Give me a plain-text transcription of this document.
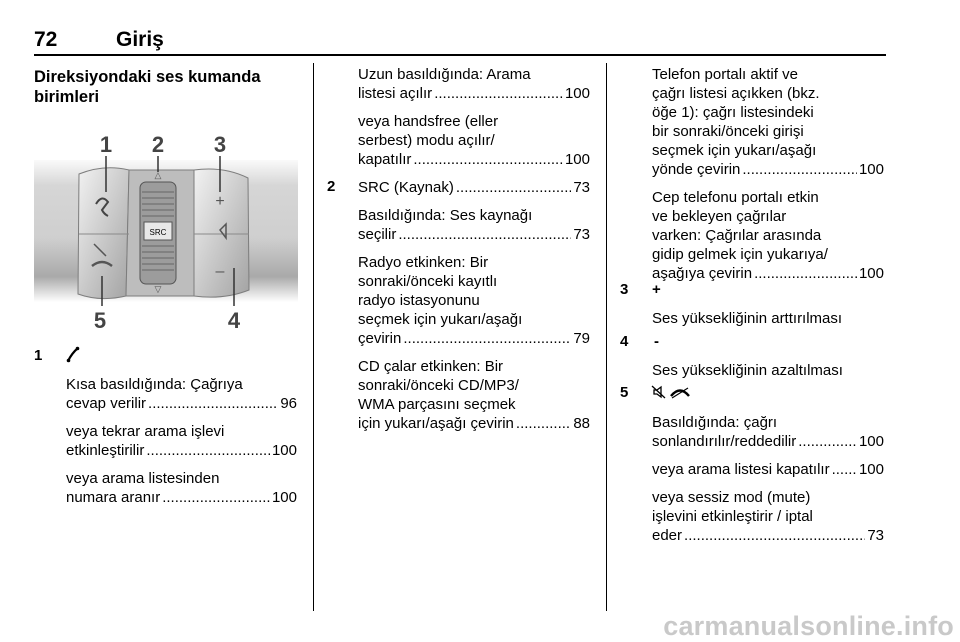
72	Giriş
Direksiyondaki ses kumanda birimleri
SRC
+
–
△
▽
1 2 3
4
5
1
Kısa basıldığında: Çağrıya
cevap verilir .....	96
veya tekrar arama işlevi
etkinleştirilir .....	100
veya arama listesinden
numara aranır .....	100
Uzun basıldığında: Arama
listesi açılır .....	100
veya handsfree (eller
serbest) modu açılır/
kapatılır .....	100
2 SRC (Kaynak) .....	73
Basıldığında: Ses kaynağı
seçilir .....	73
Radyo etkinken: Bir
sonraki/önceki kayıtlı
radyo istasyonunu
seçmek için yukarı/aşağı
çevirin .....	79
CD çalar etkinken: Bir
sonraki/önceki CD/MP3/
WMA parçasını seçmek
için yukarı/aşağı çevirin .....	88
Telefon portalı aktif ve
çağrı listesi açıkken (bkz.
öğe 1): çağrı listesindeki
bir sonraki/önceki girişi
seçmek için yukarı/aşağı
yönde çevirin .....	100
Cep telefonu portalı etkin
ve bekleyen çağrılar
varken: Çağrılar arasında
gidip gelmek için yukarıya/
aşağıya çevirin .....	100
3 +
Ses yüksekliğinin arttırılması
4 -
Ses yüksekliğinin azaltılması
5
Basıldığında: çağrı
sonlandırılır/reddedilir .....	100
veya arama listesi kapatılır ..... 100
veya sessiz mod (mute)
işlevini etkinleştirir / iptal
eder .....	73
carmanualsonline.info
